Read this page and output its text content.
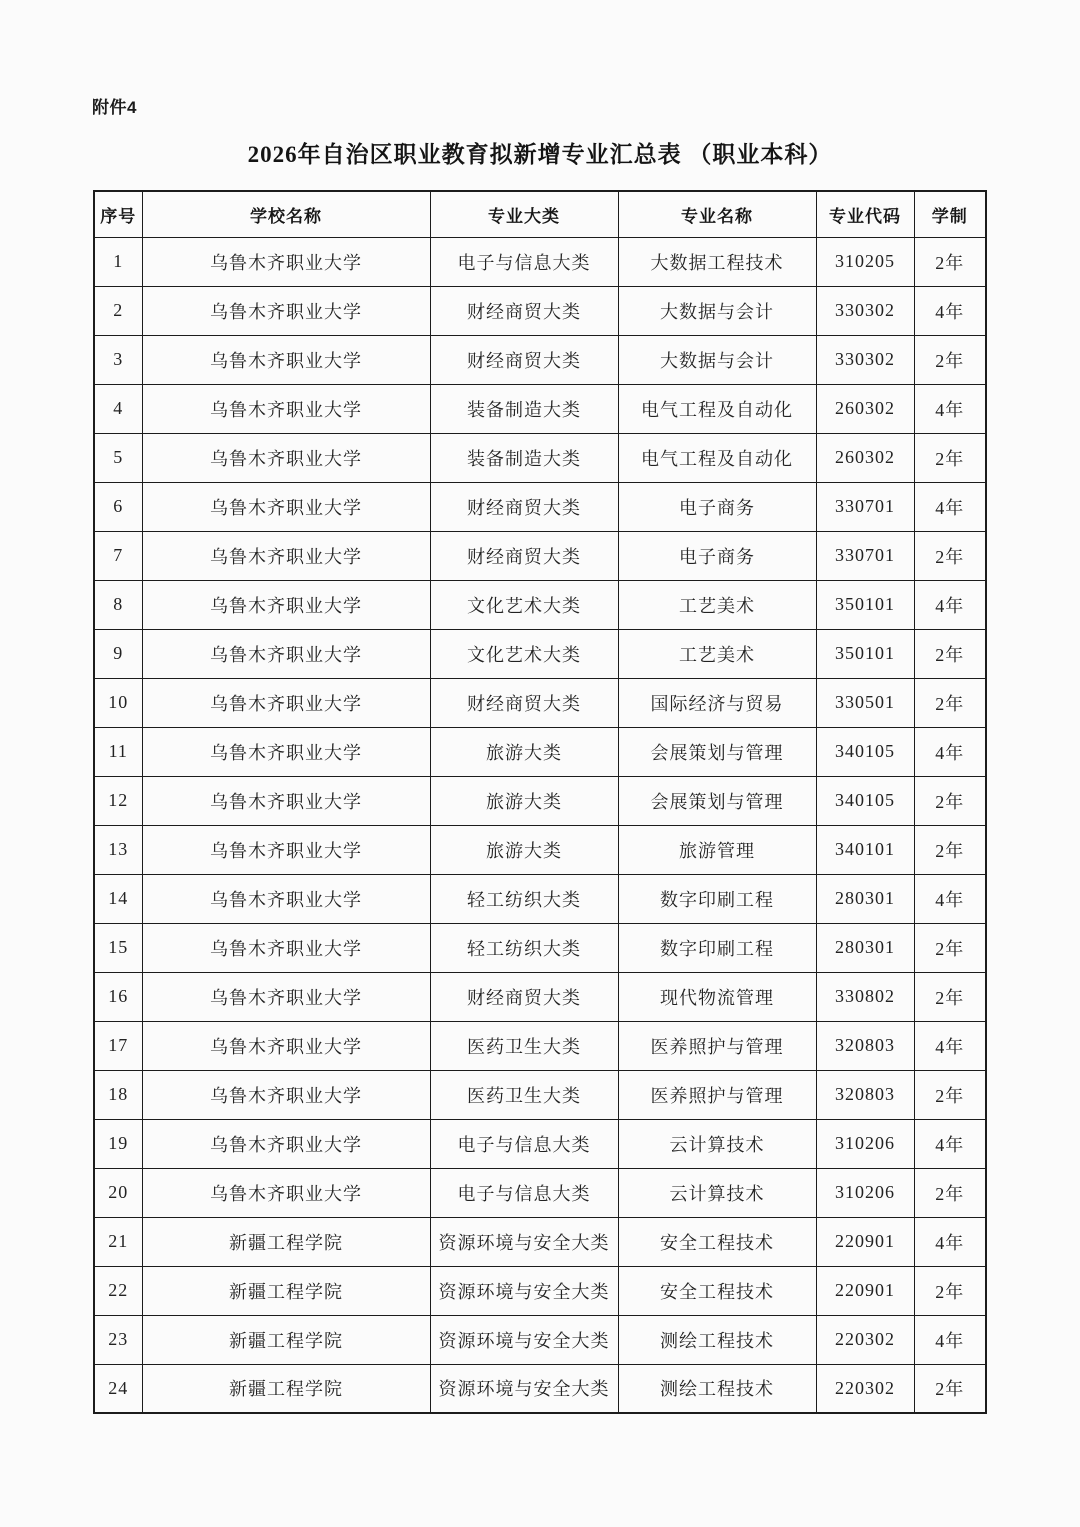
附件4
2026年自治区职业教育拟新增专业汇总表 （职业本科）
序号	学校名称	专业大类	专业名称	专业代码	学制
1	乌鲁木齐职业大学	电子与信息大类	大数据工程技术	310205	2年
2	乌鲁木齐职业大学	财经商贸大类	大数据与会计	330302	4年
3	乌鲁木齐职业大学	财经商贸大类	大数据与会计	330302	2年
4	乌鲁木齐职业大学	装备制造大类	电气工程及自动化	260302	4年
5	乌鲁木齐职业大学	装备制造大类	电气工程及自动化	260302	2年
6	乌鲁木齐职业大学	财经商贸大类	电子商务	330701	4年
7	乌鲁木齐职业大学	财经商贸大类	电子商务	330701	2年
8	乌鲁木齐职业大学	文化艺术大类	工艺美术	350101	4年
9	乌鲁木齐职业大学	文化艺术大类	工艺美术	350101	2年
10	乌鲁木齐职业大学	财经商贸大类	国际经济与贸易	330501	2年
11	乌鲁木齐职业大学	旅游大类	会展策划与管理	340105	4年
12	乌鲁木齐职业大学	旅游大类	会展策划与管理	340105	2年
13	乌鲁木齐职业大学	旅游大类	旅游管理	340101	2年
14	乌鲁木齐职业大学	轻工纺织大类	数字印刷工程	280301	4年
15	乌鲁木齐职业大学	轻工纺织大类	数字印刷工程	280301	2年
16	乌鲁木齐职业大学	财经商贸大类	现代物流管理	330802	2年
17	乌鲁木齐职业大学	医药卫生大类	医养照护与管理	320803	4年
18	乌鲁木齐职业大学	医药卫生大类	医养照护与管理	320803	2年
19	乌鲁木齐职业大学	电子与信息大类	云计算技术	310206	4年
20	乌鲁木齐职业大学	电子与信息大类	云计算技术	310206	2年
21	新疆工程学院	资源环境与安全大类	安全工程技术	220901	4年
22	新疆工程学院	资源环境与安全大类	安全工程技术	220901	2年
23	新疆工程学院	资源环境与安全大类	测绘工程技术	220302	4年
24	新疆工程学院	资源环境与安全大类	测绘工程技术	220302	2年
